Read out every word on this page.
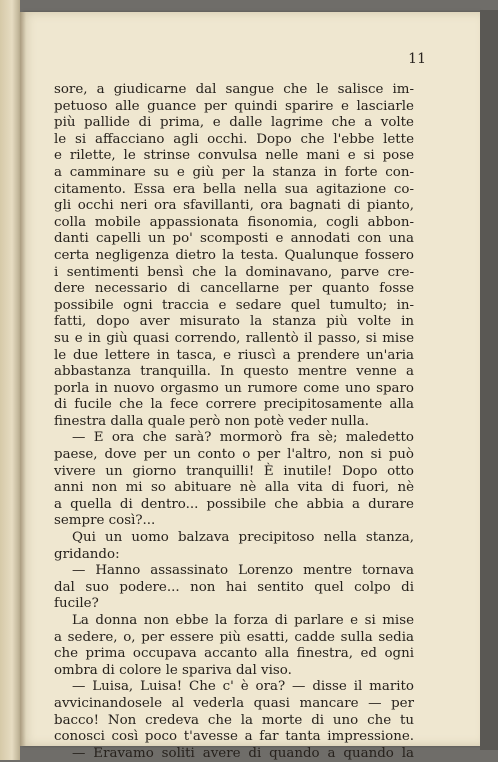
11
sore, a giudicarne dal sangue che le salisce im-
petuoso alle guance per quindi sparire e lasciarle
più pallide di prima, e dalle lagrime che a volte
le si affacciano agli occhi. Dopo che l'ebbe lette
e rilette, le strinse convulsa nelle mani e si pose
a camminare su e giù per la stanza in forte con-
citamento. Essa era bella nella sua agitazione co-
gli occhi neri ora sfavillanti, ora bagnati di pianto,
colla mobile appassionata fisonomia, cogli abbon-
danti capelli un po' scomposti e annodati con una
certa negligenza dietro la testa. Qualunque fossero
i sentimenti bensì che la dominavano, parve cre-
dere necessario di cancellarne per quanto fosse
possibile ogni traccia e sedare quel tumulto; in-
fatti, dopo aver misurato la stanza più volte in
su e in giù quasi correndo, rallentò il passo, si mise
le due lettere in tasca, e riuscì a prendere un'aria
abbastanza tranquilla. In questo mentre venne a
porla in nuovo orgasmo un rumore come uno sparo
di fucile che la fece correre precipitosamente alla
finestra dalla quale però non potè veder nulla.
— E ora che sarà? mormorò fra sè; maledetto
paese, dove per un conto o per l'altro, non si può
vivere un giorno tranquilli! È inutile! Dopo otto
anni non mi so abituare nè alla vita di fuori, nè
a quella di dentro... possibile che abbia a durare
sempre così?...
Qui un uomo balzava precipitoso nella stanza,
gridando:
— Hanno assassinato Lorenzo mentre tornava
dal suo podere... non hai sentito quel colpo di
fucile?
La donna non ebbe la forza di parlare e si mise
a sedere, o, per essere più esatti, cadde sulla sedia
che prima occupava accanto alla finestra, ed ogni
ombra di colore le spariva dal viso.
— Luisa, Luisa! Che c' è ora? — disse il marito
avvicinandosele al vederla quasi mancare — per
bacco! Non credeva che la morte di uno che tu
conosci così poco t'avesse a far tanta impressione.
— Eravamo soliti avere di quando a quando la
